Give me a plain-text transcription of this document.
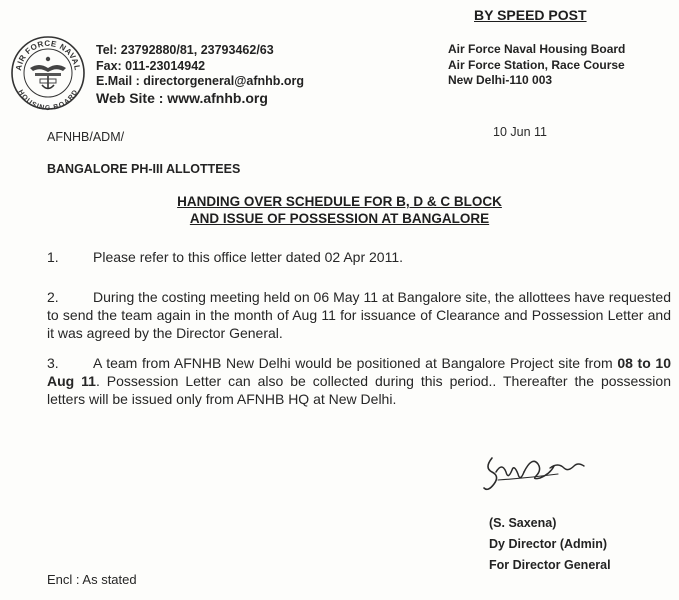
BY SPEED POST
AIR FORCE NAVAL
HOUSING BOARD
Tel: 23792880/81, 23793462/63
Fax: 011-23014942
E.Mail : directorgeneral@afnhb.org
Web Site : www.afnhb.org
Air Force Naval Housing Board
Air Force Station, Race Course
New Delhi-110 003
AFNHB/ADM/	10 Jun 11
BANGALORE PH-III ALLOTTEES
HANDING OVER SCHEDULE FOR B, D & C BLOCK
AND ISSUE OF POSSESSION AT BANGALORE
1. Please refer to this office letter dated 02 Apr 2011.
2. During the costing meeting held on 06 May 11 at Bangalore site, the allottees have requested to send the team again in the month of Aug 11 for issuance of Clearance and Possession Letter and it was agreed by the Director General.
3. A team from AFNHB New Delhi would be positioned at Bangalore Project site from 08 to 10 Aug 11. Possession Letter can also be collected during this period.. Thereafter the possession letters will be issued only from AFNHB HQ at New Delhi.
(S. Saxena)
Dy Director (Admin)
For Director General
Encl : As stated
